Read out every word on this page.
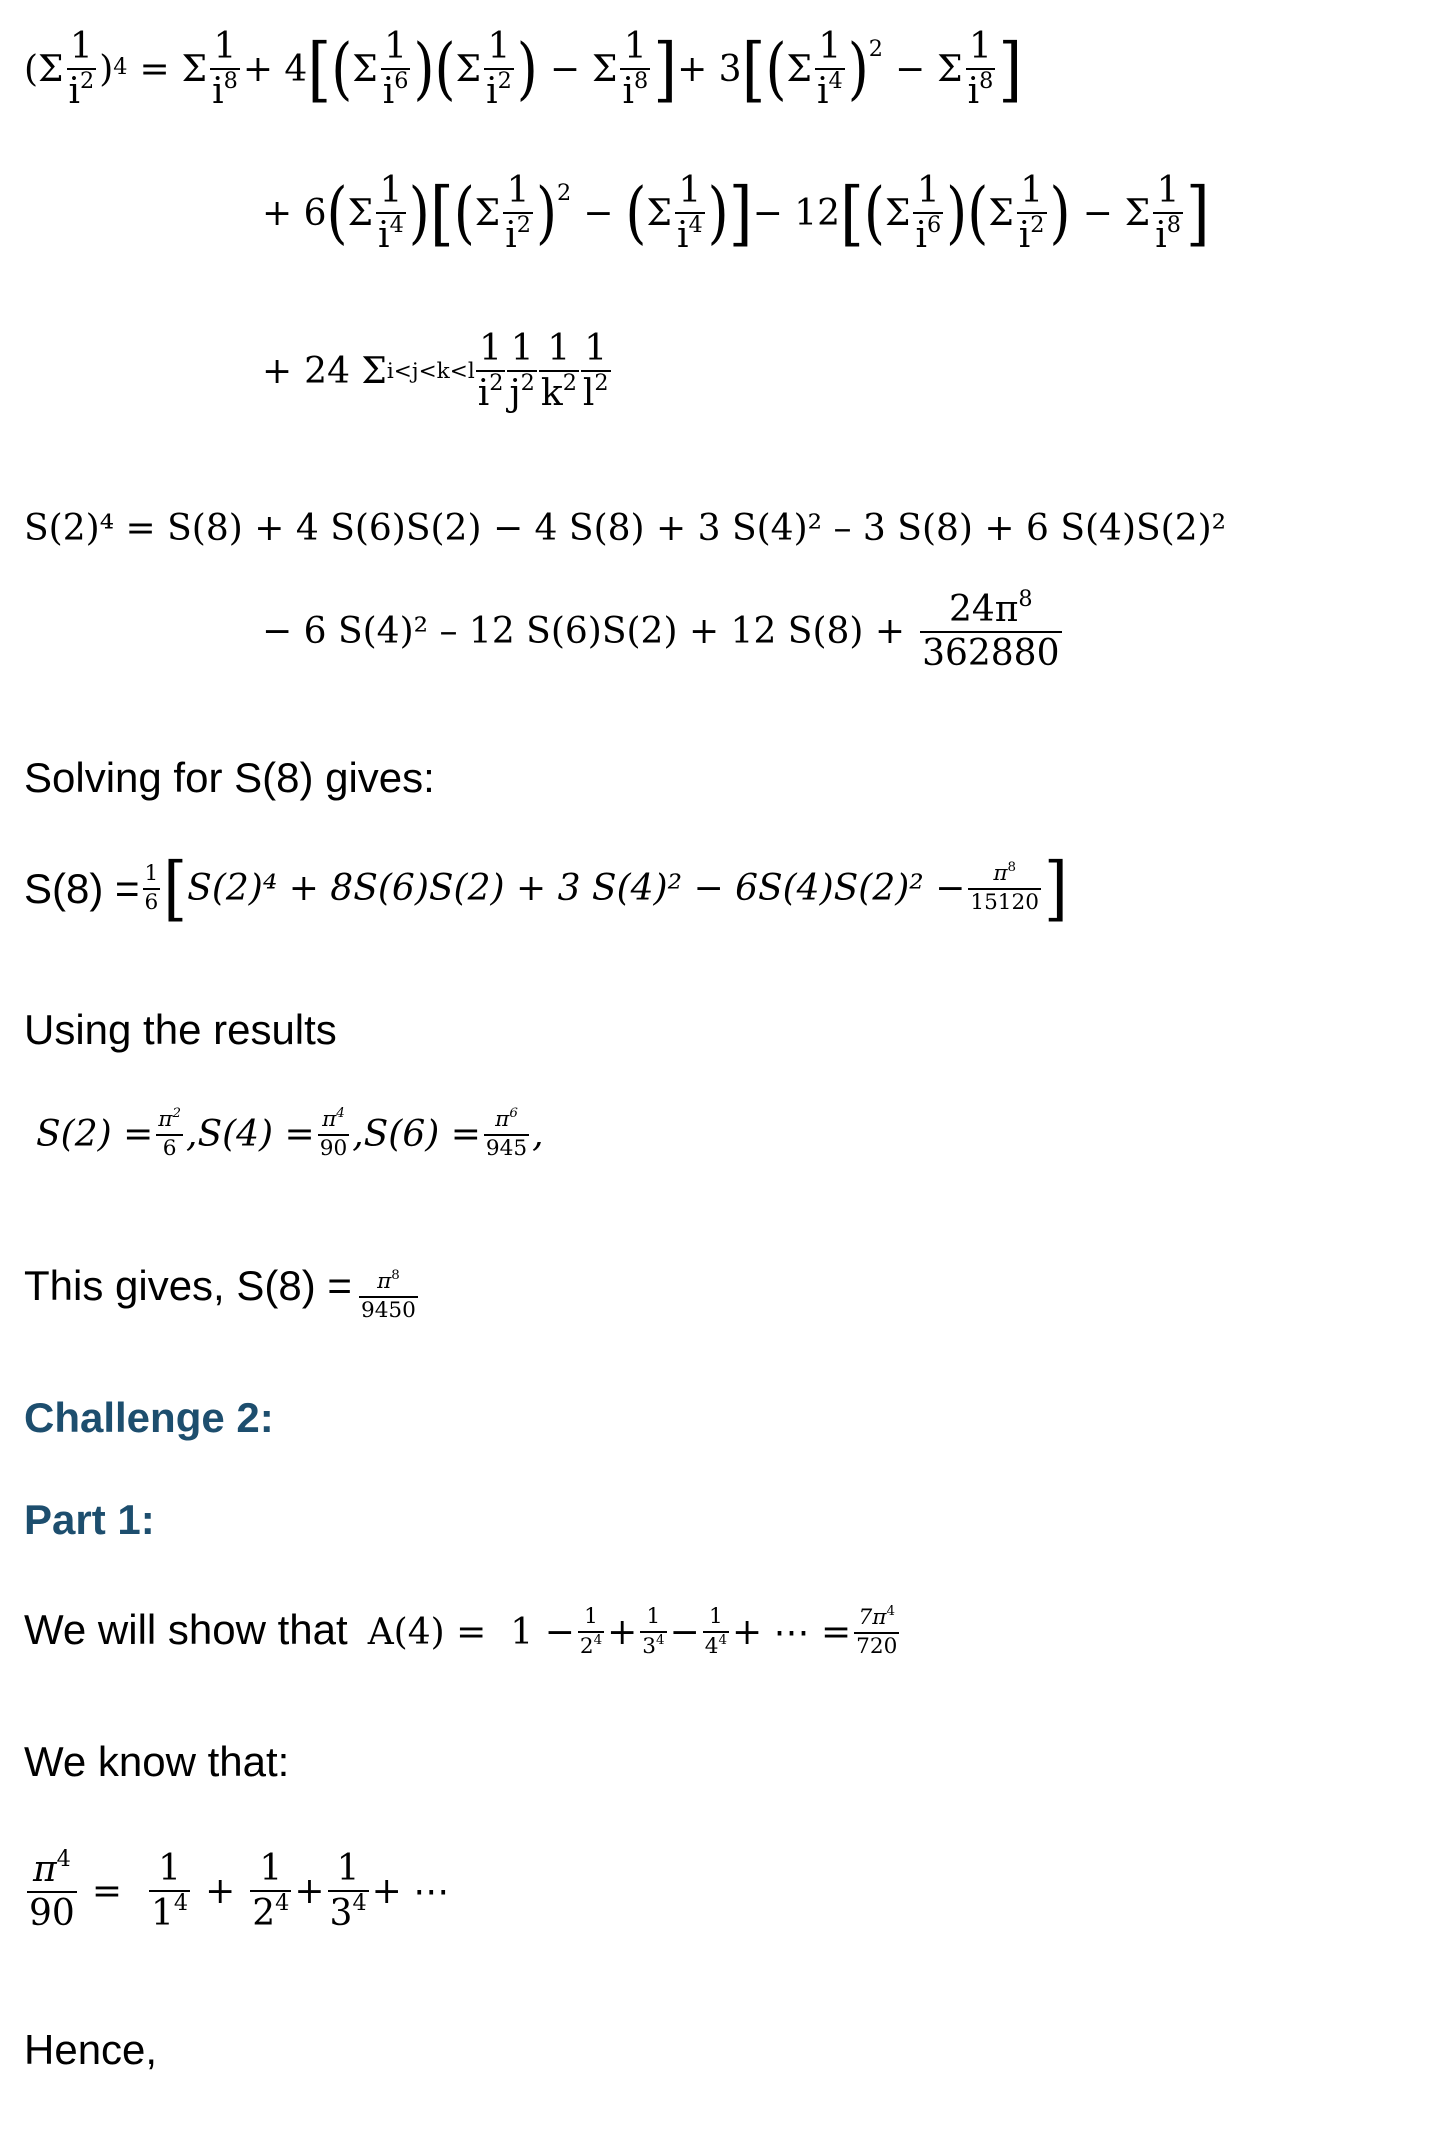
($\Sigma \frac{1}{i^2}$ ) 4 =
Σ $\frac{1}{i^8} + 4$ [ ( Σ $\frac{1}{i^6}$ ) ( Σ $\frac{1}{i^2}$ ) −
Σ $\frac{1}{i^8}$ ] + 3 [ ( Σ $\frac{1}{i^4}$ ) 2 −
Σ $\frac{1}{i^8}$ ]
+ 6 ( Σ $\frac{1}{i^4}$ ) [ ( Σ $\frac{1}{i^2}$ ) 2 − ( Σ $\frac{1}{i^4}$ ) ] − 12 [ ( Σ $\frac{1}{i^6}$ ) ( Σ $\frac{1}{i^2}$ ) −
Σ $\frac{1}{i^8}$ ]
+
24 Σ $i<j<k<l \frac{1}{i^2} \frac{1}{j^2} \frac{1}{k^2} \frac{1}{l^2}$
S(2)⁴ = S(8) + 4 S(6)S(2) − 4 S(8) + 3 S(4)² – 3 S(8) + 6 S(4)S(2)²
− 6 S(4)² – 12 S(6)S(2) + 12 $S(8) + \frac{24\pi^8}{362880}$
Solving for S(8) gives:
$S(8) = \frac{1}{6}$ [ S(2)⁴ + 8S(6)S(2) + 3 $S(4)^2 - 6S(4)S(2)^2 - \frac{\pi^8}{15120}$ ]
Using the results
$S(2) = \frac{\pi^2}{6}$ , $S(4) = \frac{\pi^4}{90}$ , $S(6) = \frac{\pi^6}{945}$ ,
This gives, $S(8) = \frac{\pi^8}{9450}$
Challenge 2:
Part 1:
We will show that $A(4) = 1 - \frac{1}{2^4} + \frac{1}{3^4} - \frac{1}{4^4}$ + ⋯ = $\frac{7\pi^4}{720}$
We know that:
$\frac{\pi^4}{90} = \frac{1}{1^4} + \frac{1}{2^4} + \frac{1}{3^4}$ + ⋯
Hence,
